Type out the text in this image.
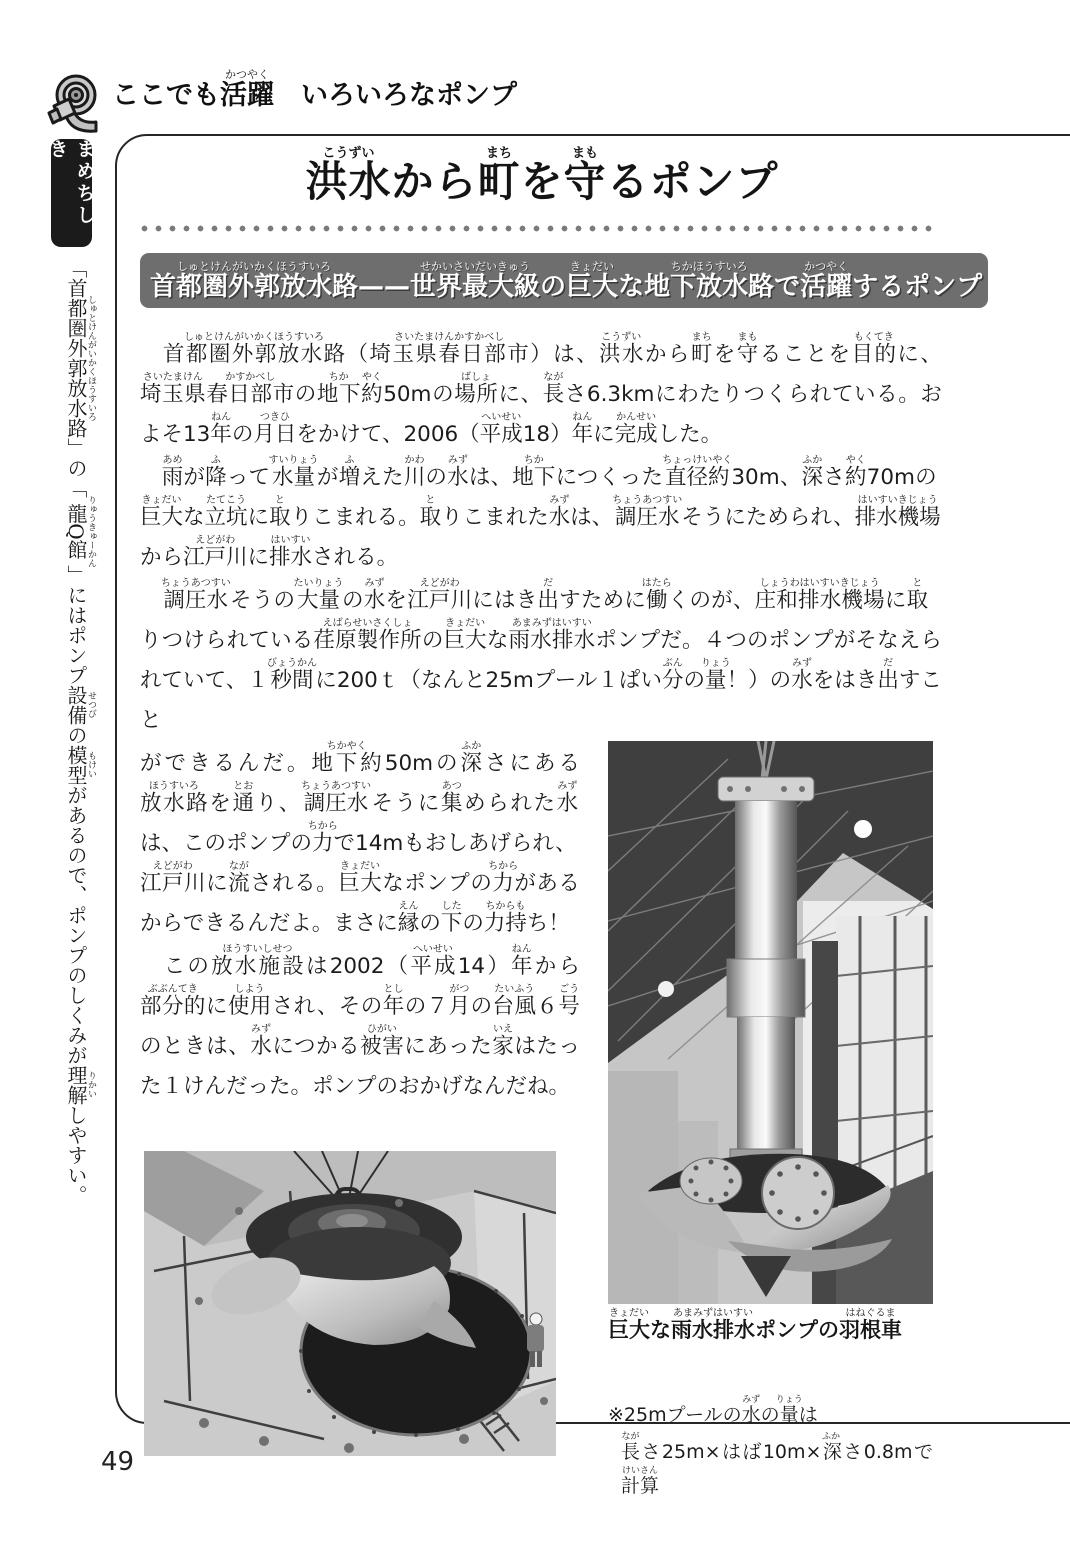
ここでも活躍かつやく　いろいろなポンプ
まめちしき
「首都圏外郭放水路しゅとけんがいかくほうすいろ」の「龍Q館りゅうきゅーかん」にはポンプ設備せつびの模型もけいがあるので、ポンプのしくみが理解りかいしやすい。
洪水こうずいから町まちを守まもるポンプ
首都圏外郭放水路しゅとけんがいかくほうすいろ——世界最大級せかいさいだいきゅうの巨大きょだいな地下放水路ちかほうすいろで活躍かつやくするポンプ

　首都圏外郭放水路しゅとけんがいかくほうすいろ（埼玉県春日部市さいたまけんかすかべし）は、洪水こうずいから町まちを守まもることを目的もくてきに、埼玉県さいたまけん春日部市かすかべしの地下ちか約やく50mの場所ばしょに、長ながさ6.3kmにわたりつくられている。およそ13年ねんの月日つきひをかけて、2006（平成へいせい18）年ねんに完成かんせいした。

　雨あめが降ふって水量すいりょうが増ふえた川かわの水みずは、地下ちかにつくった直径約ちょっけいやく30m、深ふかさ約やく70mの巨大きょだいな立坑たてこうに取とりこまれる。取とりこまれた水みずは、調圧水ちょうあつすいそうにためられ、排水機場はいすいきじょうから江戸川えどがわに排水はいすいされる。

　調圧水ちょうあつすいそうの大量たいりょうの水みずを江戸川えどがわにはき出だすために働はたらくのが、庄和排水機場しょうわはいすいきじょうに取とりつけられている荏原製作所えばらせいさくしょの巨大きょだいな雨水排水あまみずはいすいポンプだ。４つのポンプがそなえられていて、１秒間びょうかんに200ｔ（なんと25mプール１ぱい分ぶんの量りょう！）の水みずをはき出だすこと

ができるんだ。地下約ちかやく50mの深ふかさにある放水路ほうすいろを通とおり、調圧水ちょうあつすいそうに集あつめられた水みずは、このポンプの力ちからで14mもおしあげられ、江戸川えどがわに流ながされる。巨大きょだいなポンプの力ちからがあるからできるんだよ。まさに縁えんの下したの力持ちからもち！

　この放水施設ほうすいしせつは2002（平成へいせい14）年ねんから部分的ぶぶんてきに使用しようされ、その年としの７月がつの台風たいふう６号ごうのときは、水みずにつかる被害ひがいにあった家いえはたった１けんだった。ポンプのおかげなんだね。

巨大きょだいな雨水排水あまみずはいすいポンプの羽根車はねぐるま
※25mプールの水みずの量りょうは
長ながさ25m×はば10m×深ふかさ0.8mで計算けいさん
49
